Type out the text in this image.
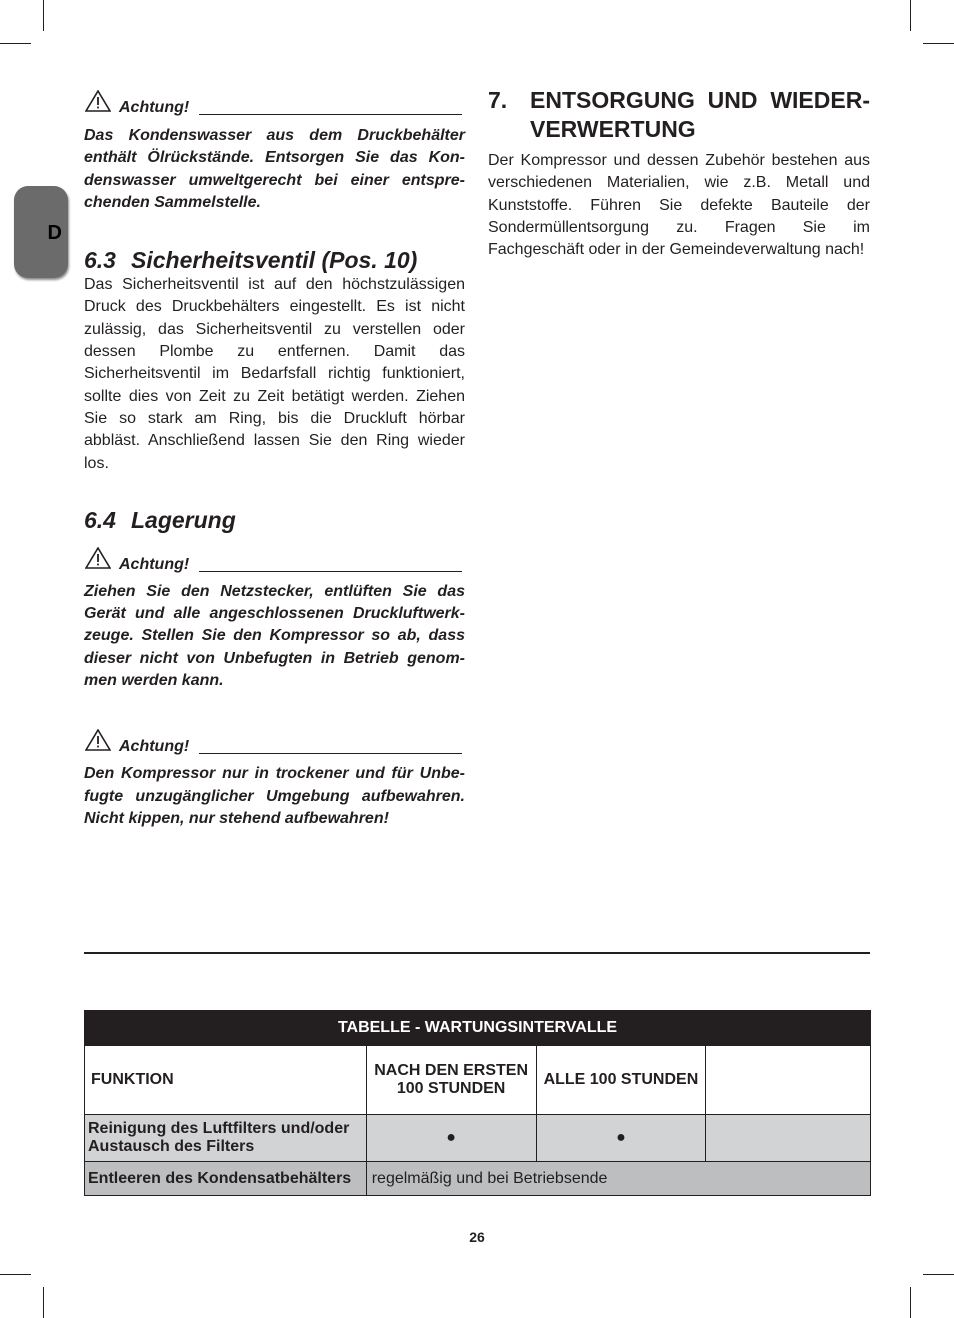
D
Achtung!

Das Kondenswasser aus dem Druckbehälter enthält Ölrückstände. Entsorgen Sie das Kondenswasser umweltgerecht bei einer entsprechenden Sammelstelle.

6.3 Sicherheitsventil (Pos. 10)

Das Sicherheitsventil ist auf den höchstzulässigen Druck des Druckbehälters eingestellt. Es ist nicht zulässig, das Sicherheitsventil zu verstellen oder dessen Plombe zu entfernen. Damit das Sicherheitsventil im Bedarfsfall richtig funktioniert, sollte dies von Zeit zu Zeit betätigt werden. Ziehen Sie so stark am Ring, bis die Druckluft hörbar abbläst. Anschließend lassen Sie den Ring wieder los.

6.4 Lagerung
Achtung!

Ziehen Sie den Netzstecker, entlüften Sie das Gerät und alle angeschlossenen Druckluftwerkzeuge. Stellen Sie den Kompressor so ab, dass dieser nicht von Unbefugten in Betrieb genommen werden kann.

Achtung!

Den Kompressor nur in trockener und für Unbefugte unzugänglicher Umgebung aufbewahren. Nicht kippen, nur stehend aufbewahren!

7. ENTSORGUNG UND WIEDERVERWERTUNG

Der Kompressor und dessen Zubehör bestehen aus verschiedenen Materialien, wie z.B. Metall und Kunststoffe. Führen Sie defekte Bauteile der Sondermüllentsorgung zu. Fragen Sie im Fachgeschäft oder in der Gemeindeverwaltung nach!

TABELLE - WARTUNGSINTERVALLE			
FUNKTION	NACH DEN ERSTEN 100 STUNDEN	ALLE 100 STUNDEN	
Reinigung des Luftfilters und/oder Austausch des Filters	●	●	
Entleeren des Kondensatbehälters	regelmäßig und bei Betriebsende		
26
